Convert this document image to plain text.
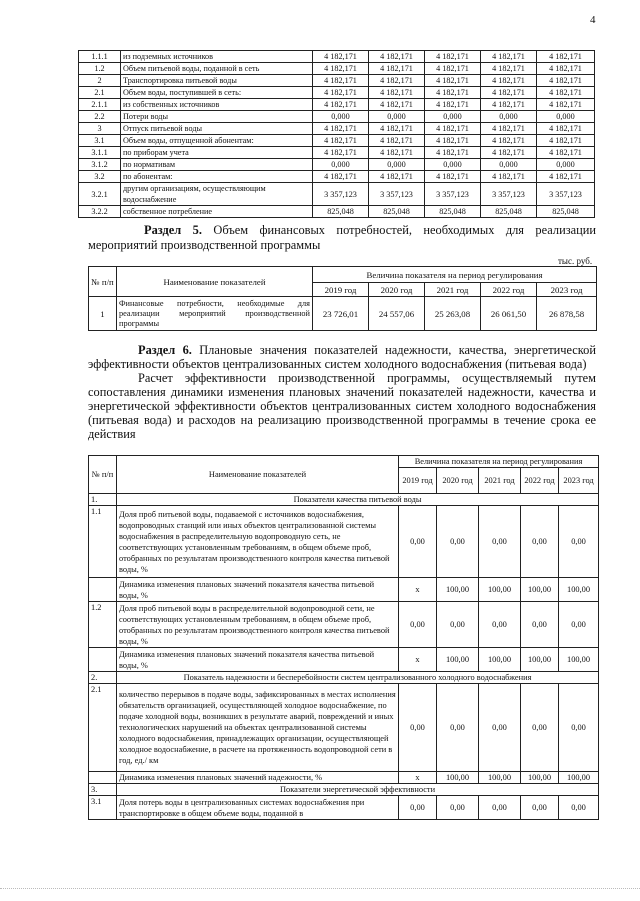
4
1.1.1	из подземных источников	4 182,171	4 182,171	4 182,171	4 182,171	4 182,171
1.2	Объем питьевой воды, поданной в сеть	4 182,171	4 182,171	4 182,171	4 182,171	4 182,171
2	Транспортировка питьевой воды	4 182,171	4 182,171	4 182,171	4 182,171	4 182,171
2.1	Объем воды, поступившей в сеть:	4 182,171	4 182,171	4 182,171	4 182,171	4 182,171
2.1.1	из собственных источников	4 182,171	4 182,171	4 182,171	4 182,171	4 182,171
2.2	Потери воды	0,000	0,000	0,000	0,000	0,000
3	Отпуск питьевой воды	4 182,171	4 182,171	4 182,171	4 182,171	4 182,171
3.1	Объем воды, отпущенной абонентам:	4 182,171	4 182,171	4 182,171	4 182,171	4 182,171
3.1.1	по приборам учета	4 182,171	4 182,171	4 182,171	4 182,171	4 182,171
3.1.2	по нормативам	0,000	0,000	0,000	0,000	0,000
3.2	по абонентам:	4 182,171	4 182,171	4 182,171	4 182,171	4 182,171
3.2.1	другим организациям, осуществляющим водоснабжение	3 357,123	3 357,123	3 357,123	3 357,123	3 357,123
3.2.2	собственное потребление	825,048	825,048	825,048	825,048	825,048
Раздел 5. Объем финансовых потребностей, необходимых для реализации мероприятий производственной программы
тыс. руб.
№ п/п	Наименование показателей	Величина показателя на период регулирования				
		2019 год	2020 год	2021 год	2022 год	2023 год
1	Финансовые потребности, необходимые для реализации мероприятий производственной программы	23 726,01	24 557,06	25 263,08	26 061,50	26 878,58

Раздел 6. Плановые значения показателей надежности, качества, энергетической эффективности объектов централизованных систем холодного водоснабжения (питьевая вода)

Расчет эффективности производственной программы, осуществляемый путем сопоставления динамики изменения плановых значений показателей надежности, качества и энергетической эффективности объектов централизованных систем холодного водоснабжения (питьевая вода) и расходов на реализацию производственной программы в течение срока ее действия

№ п/п	Наименование показателей	Величина показателя на период регулирования				
		2019 год	2020 год	2021 год	2022 год	2023 год
1.	Показатели качества питьевой воды					
1.1	Доля проб питьевой воды, подаваемой с источников водоснабжения, водопроводных станций или иных объектов централизованной системы водоснабжения в распределительную водопроводную сеть, не соответствующих установленным требованиям, в общем объеме проб, отобранных по результатам производственного контроля качества питьевой воды, %	0,00	0,00	0,00	0,00	0,00
	Динамика изменения плановых значений показателя качества питьевой воды, %	x	100,00	100,00	100,00	100,00
1.2	Доля проб питьевой воды в распределительной водопроводной сети, не соответствующих установленным требованиям, в общем объеме проб, отобранных по результатам производственного контроля качества питьевой воды, %	0,00	0,00	0,00	0,00	0,00
	Динамика изменения плановых значений показателя качества питьевой воды, %	x	100,00	100,00	100,00	100,00
2.	Показатель надежности и бесперебойности систем централизованного холодного водоснабжения					
2.1	количество перерывов в подаче воды, зафиксированных в местах исполнения обязательств организацией, осуществляющей холодное водоснабжение, по подаче холодной воды, возникших в результате аварий, повреждений и иных технологических нарушений на объектах централизованной системы холодного водоснабжения, принадлежащих организации, осуществляющей холодное водоснабжение, в расчете на протяженность водопроводной сети в год, ед./ км	0,00	0,00	0,00	0,00	0,00
	Динамика изменения плановых значений надежности, %	x	100,00	100,00	100,00	100,00
3.	Показатели энергетической эффективности					
3.1	Доля потерь воды в централизованных системах водоснабжения при транспортировке в общем объеме воды, поданной в	0,00	0,00	0,00	0,00	0,00
